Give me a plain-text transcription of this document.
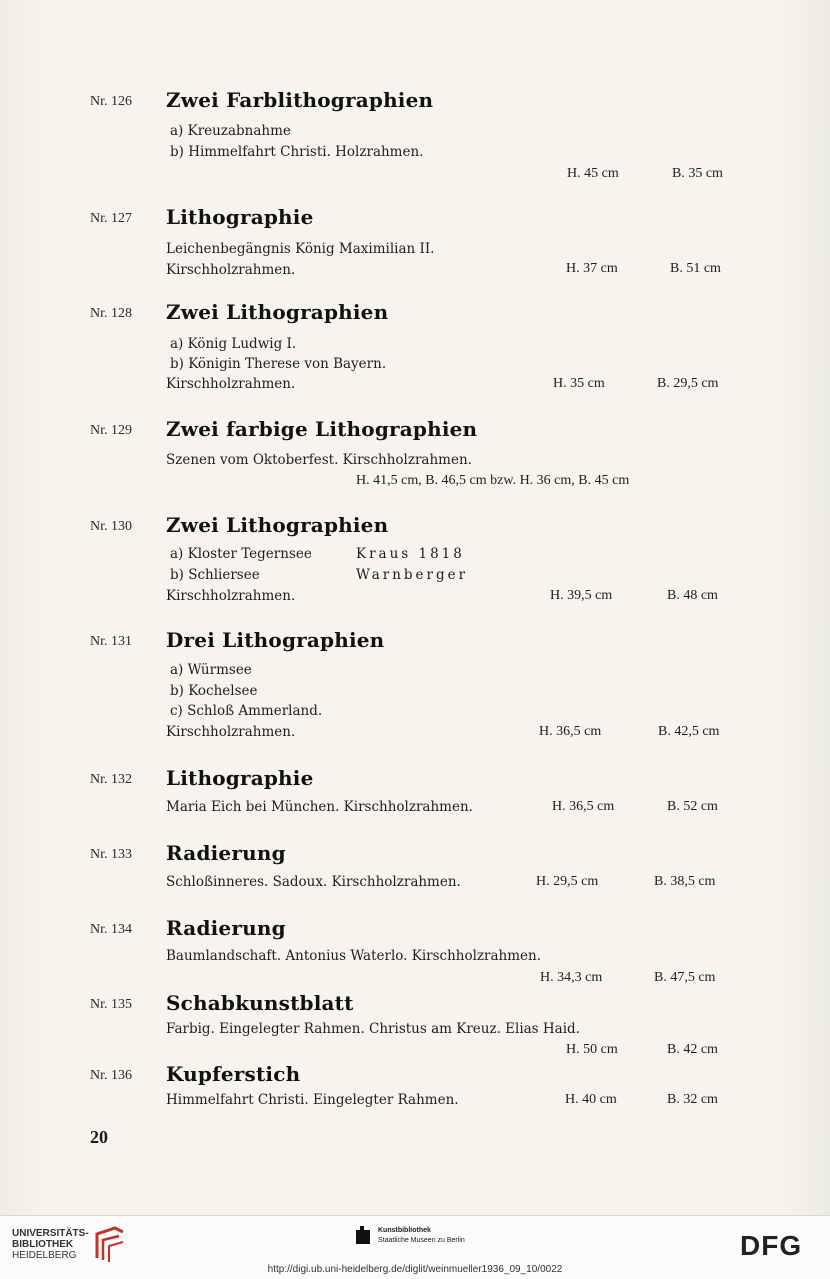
Nr. 126 Zwei Farblithographien
a) Kreuzabnahme
b) Himmelfahrt Christi. Holzrahmen.
H. 45 cm	B. 35 cm
Nr. 127 Lithographie
Leichenbegängnis König Maximilian II.
Kirschholzrahmen.	H. 37 cm	B. 51 cm
Nr. 128 Zwei Lithographien
a) König Ludwig I.
b) Königin Therese von Bayern.
Kirschholzrahmen.	H. 35 cm	B. 29,5 cm
Nr. 129 Zwei farbige Lithographien
Szenen vom Oktoberfest. Kirschholzrahmen.
H. 41,5 cm, B. 46,5 cm bzw. H. 36 cm, B. 45 cm
Nr. 130 Zwei Lithographien
a) Kloster Tegernsee	Kraus 1818
b) Schliersee	Warnberger
Kirschholzrahmen.	H. 39,5 cm	B. 48 cm
Nr. 131 Drei Lithographien
a) Würmsee
b) Kochelsee
c) Schloß Ammerland.
Kirschholzrahmen.	H. 36,5 cm	B. 42,5 cm
Nr. 132 Lithographie
Maria Eich bei München. Kirschholzrahmen.	H. 36,5 cm	B. 52 cm
Nr. 133 Radierung
Schloßinneres. Sadoux. Kirschholzrahmen.	H. 29,5 cm	B. 38,5 cm
Nr. 134 Radierung
Baumlandschaft. Antonius Waterlo. Kirschholzrahmen.
H. 34,3 cm	B. 47,5 cm
Nr. 135 Schabkunstblatt
Farbig. Eingelegter Rahmen. Christus am Kreuz. Elias Haid.
H. 50 cm	B. 42 cm
Nr. 136 Kupferstich
Himmelfahrt Christi. Eingelegter Rahmen.	H. 40 cm	B. 32 cm
20
UNIVERSITÄTS-
BIBLIOTHEK
HEIDELBERG
Kunstbibliothek
Staatliche Museen zu Berlin	DFG
http://digi.ub.uni-heidelberg.de/diglit/weinmueller1936_09_10/0022
